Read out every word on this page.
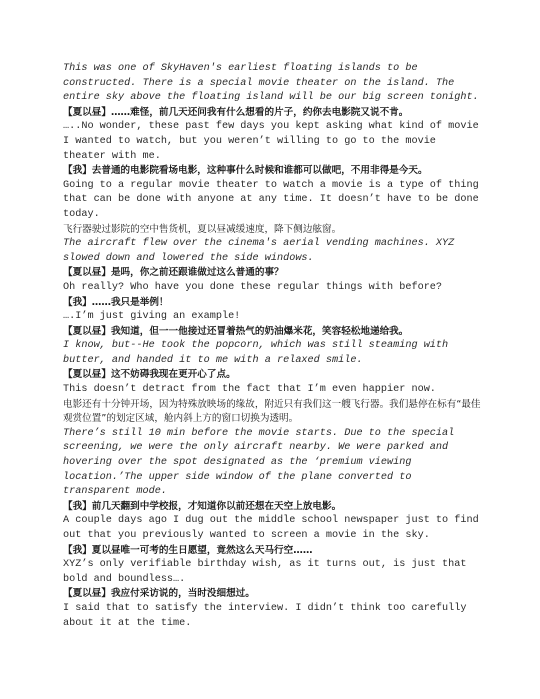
This was one of SkyHaven's earliest floating islands to be constructed. There is a special movie theater on the island. The entire sky above the floating island will be our big screen tonight.

【夏以昼】……难怪，前几天还问我有什么想看的片子，约你去电影院又说不肯。

…..No wonder, these past few days you kept asking what kind of movie I wanted to watch, but you weren’t willing to go to the movie theater with me.

【我】去普通的电影院看场电影，这种事什么时候和谁都可以做吧，不用非得是今天。

Going to a regular movie theater to watch a movie is a type of thing that can be done with anyone at any time. It doesn’t have to be done today.

飞行器驶过影院的空中售货机，夏以昼减缓速度，降下侧边舷窗。

The aircraft flew over the cinema's aerial vending machines. XYZ slowed down and lowered the side windows.

【夏以昼】是吗，你之前还跟谁做过这么普通的事？

Oh really? Who have you done these regular things with before?

【我】……我只是举例！

….I’m just giving an example!

【夏以昼】我知道，但一一他接过还冒着热气的奶油爆米花，笑容轻松地递给我。

I know, but--He took the popcorn, which was still steaming with butter, and handed it to me with a relaxed smile.

【夏以昼】这不妨碍我现在更开心了点。

This doesn’t detract from the fact that I’m even happier now.

电影还有十分钟开场，因为特殊放映场的缘故，附近只有我们这一艘飞行器。我们悬停在标有“最佳观赏位置”的划定区域，舱内斜上方的窗口切换为透明。

There’s still 10 min before the movie starts. Due to the special screening, we were the only aircraft nearby. We were parked and hovering over the spot designated as the ‘premium viewing location.’The upper side window of the plane converted to transparent mode.

【我】前几天翻到中学校报，才知道你以前还想在天空上放电影。

A couple days ago I dug out the middle school newspaper just to find out that you previously wanted to screen a movie in the sky.

【我】夏以昼唯一可考的生日愿望，竟然这么天马行空……

XYZ’s only verifiable birthday wish, as it turns out, is just that bold and boundless….

【夏以昼】我应付采访说的，当时没细想过。

I said that to satisfy the interview. I didn’t think too carefully about it at the time.
